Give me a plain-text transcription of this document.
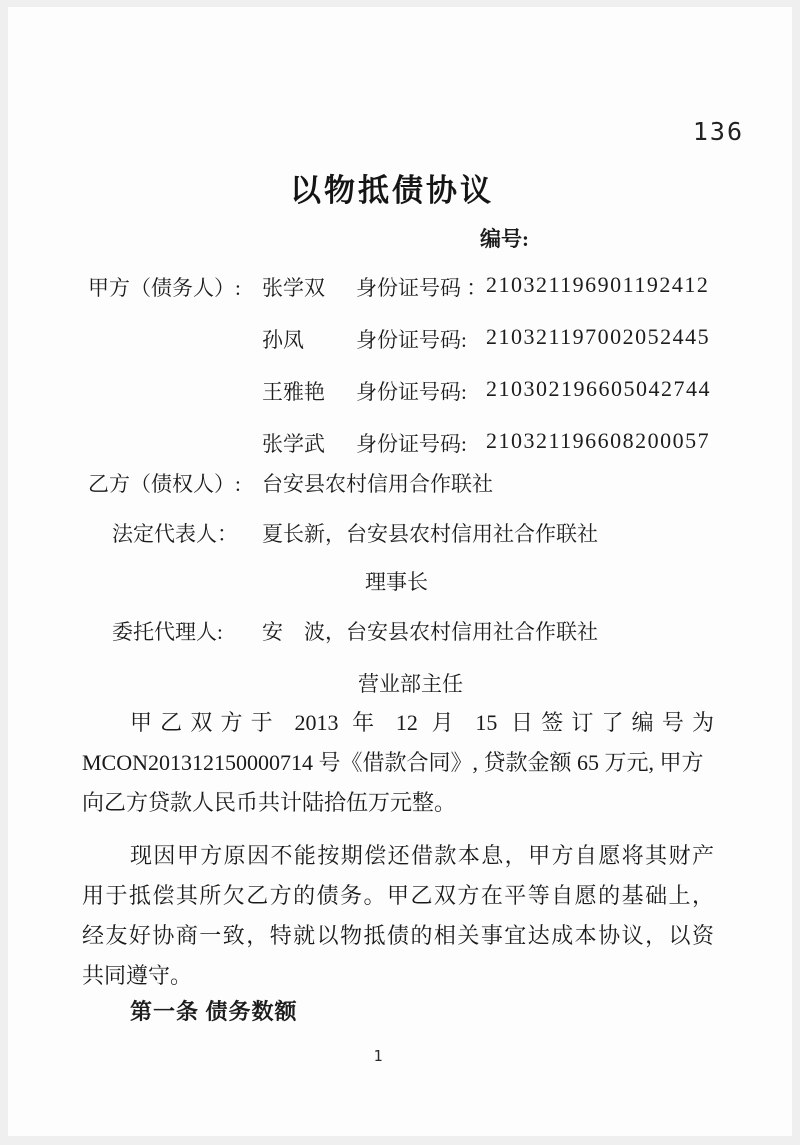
136
以物抵债协议
编号:
甲方（债务人）: 张学双 身份证号码 ：
210321196901192412
孙凤 身份证号码: 210321197002052445
王雅艳 身份证号码: 210302196605042744
张学武 身份证号码: 210321196608200057
乙方（债权人）: 台安县农村信用合作联社
法定代表人： 夏长新，台安县农村信用社合作联社
理事长
委托代理人: 安　波，台安县农村信用社合作联社
营业部主任
甲乙双方于 2013 年 12 月 15 日签订了编号为
MCON201312150000714 号《借款合同》, 贷款金额 65 万元, 甲方
向乙方贷款人民币共计陆拾伍万元整。
现因甲方原因不能按期偿还借款本息，甲方自愿将其财产
用于抵偿其所欠乙方的债务。甲乙双方在平等自愿的基础上，
经友好协商一致，特就以物抵债的相关事宜达成本协议，以资
共同遵守。
第一条 债务数额
1
